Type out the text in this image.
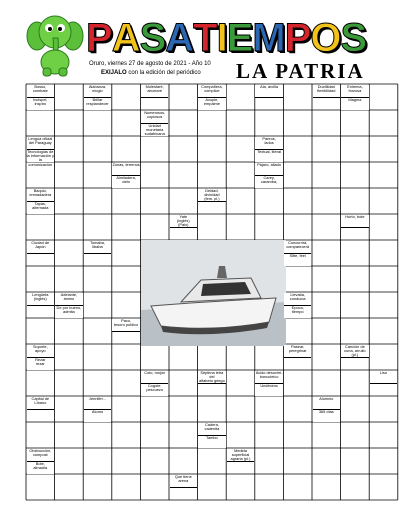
PASATIEMPOS
Oruro, viernes 27 de agosto de 2021 - Año 10
EXIJALO con la edición del periódico LA PATRIA
Bosso, combate
Incispel,
inspiro
Alabanza,
elogio
Brillar
resplandecer
Molestaré,
aburraré
Numerosos,
copiosos
Unidad
monetaria
sudafricana
Compañera,
cómplice
Acople,
empalme
Ala, arcilla	Ductilidad
flexibilidad
Extrema,
forzosa
Magma
Lengua oficial
del Paraguay
Tecnologías de
la información y
la comunicación
Pareos,
lados
Textual, literal
Zonas, terrenos
Almiladera,
cielo
Pájaro, aliado
Carey, caramba,
Baquio,
enmadadera
Tapas,
alternada
Deidad,
divinidad
(fem. pl.)
Yate
(inglés)
(Palo)
Hurto, bote
Ciudad de
Japón
Tomaba,
libaba
Concurrirá,
comparecerá
Sitte, feel
Lengüeta
(inglés)
Adelante, ánimo
De por bueno,
admita
Llevaba,
conducía
Época,
tiempo
Paco,
tesoro público
Soporte,
apoyo
Rezar
rezar
Pasear,
peregrinar
Canción de
cuna, arrullo
(pl.)
Coto, mojón
Cogote,
pescuezo
Séptima letra del
alfabeto griego
Ácido desoxirri-
bonucleico
Undécimo
Liso
Jennifer...
Capital de
Líbano
Átomo
Alumnio
365 días
Cadera,
cadenita
Tambo
Obstrucción,
compost
Bote,
almadía
Medida
superficial
agraria (pl.)
Que tiene
arena
